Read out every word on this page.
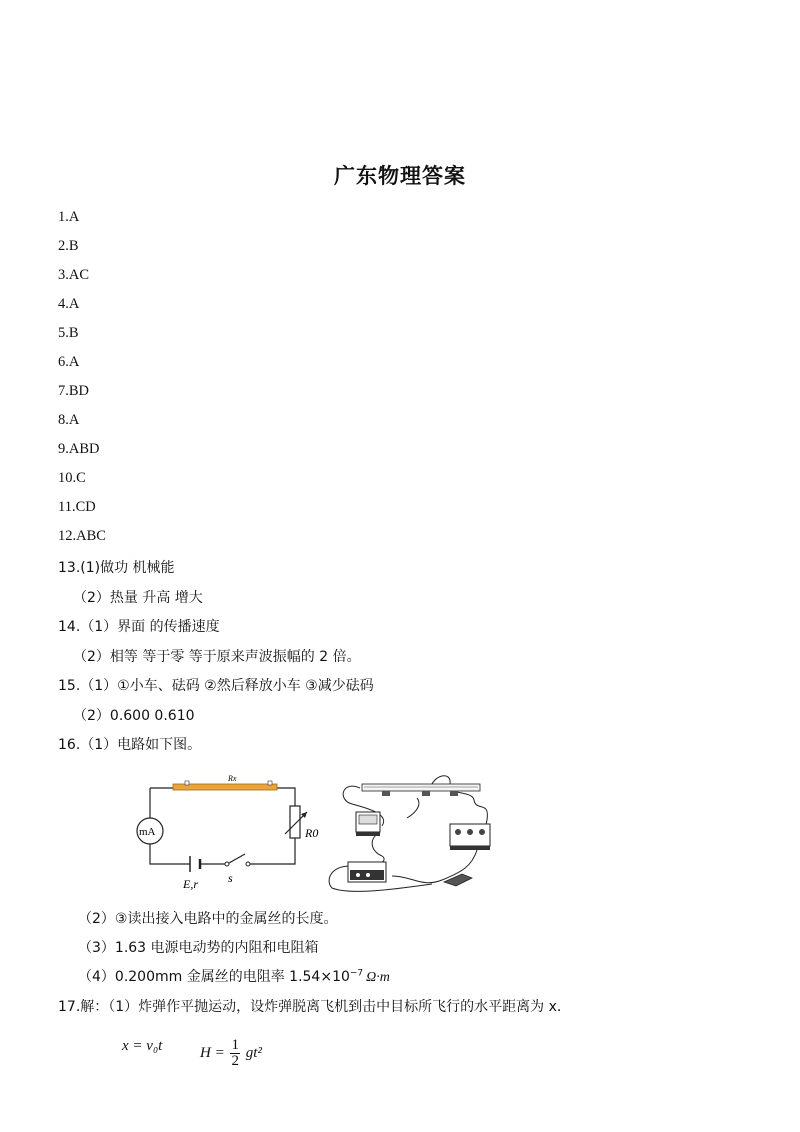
广东物理答案
1.A
2.B
3.AC
4.A
5.B
6.A
7.BD
8.A
9.ABD
10.C
11.CD
12.ABC
13.(1)做功 机械能
（2）热量 升高 增大
14.（1）界面 的传播速度
（2）相等 等于零 等于原来声波振幅的 2 倍。
15.（1）①小车、砝码 ②然后释放小车 ③减少砝码
（2）0.600 0.610
16.（1）电路如下图。
Rx
R0
mA
E,r	s
（2）③读出接入电路中的金属丝的长度。
（3）1.63 电源电动势的内阻和电阻箱
（4）0.200mm 金属丝的电阻率 $1.54\times 10^{-7}$ Ω·m
17.解：（1）炸弹作平抛运动，设炸弹脱离飞机到击中目标所飞行的水平距离为 x.
x = v₀t	$H = \frac{1}{2} gt^2$
